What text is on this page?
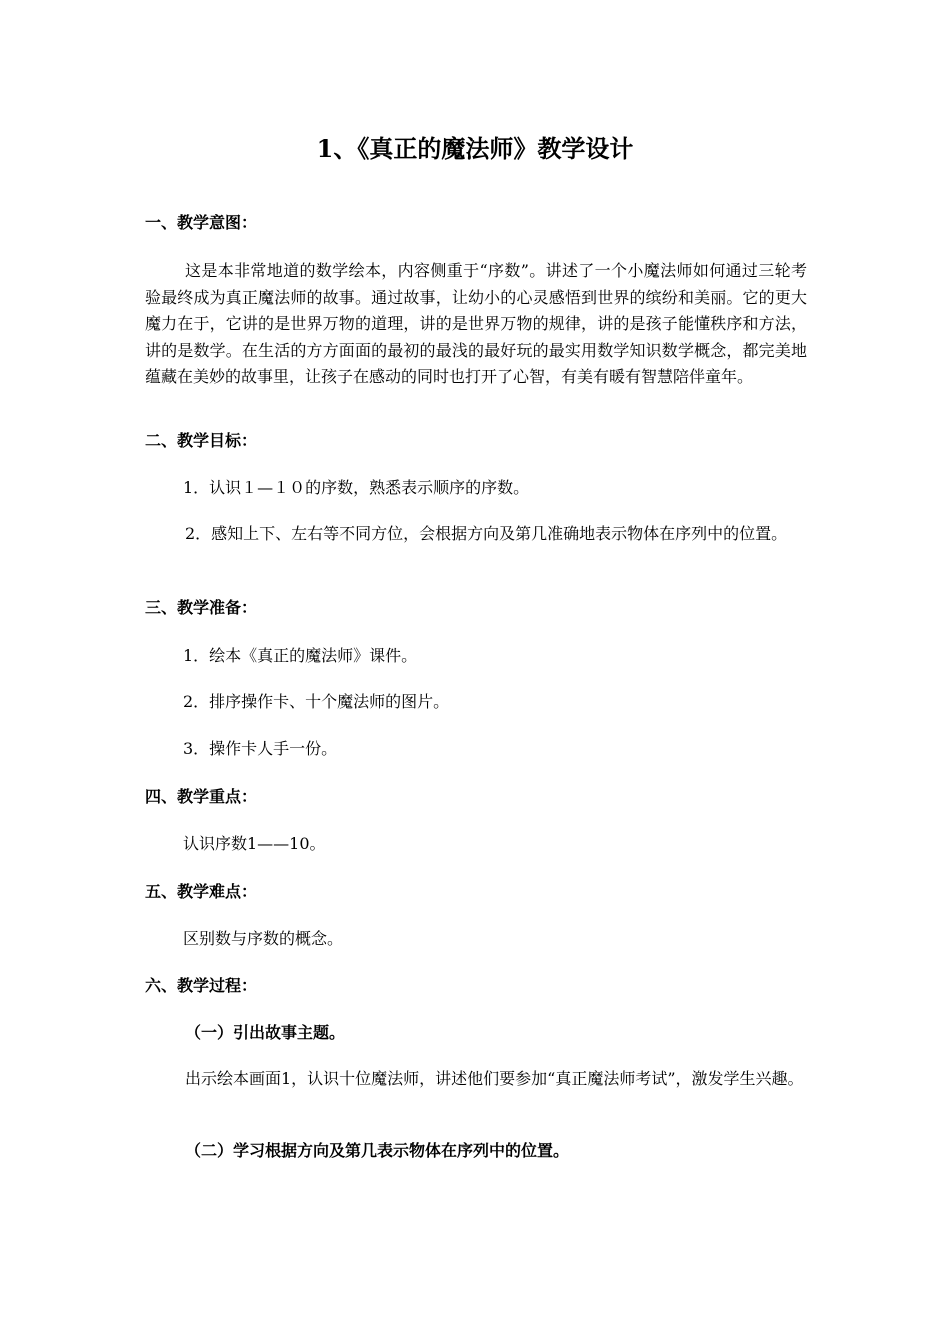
1、《真正的魔法师》教学设计
一、教学意图：
这是本非常地道的数学绘本，内容侧重于“序数”。讲述了一个小魔法师如何通过三轮考验最终成为真正魔法师的故事。通过故事，让幼小的心灵感悟到世界的缤纷和美丽。它的更大魔力在于，它讲的是世界万物的道理，讲的是世界万物的规律，讲的是孩子能懂秩序和方法，讲的是数学。在生活的方方面面的最初的最浅的最好玩的最实用数学知识数学概念，都完美地蕴藏在美妙的故事里，让孩子在感动的同时也打开了心智，有美有暖有智慧陪伴童年。
二、教学目标：
1．认识１—１０的序数，熟悉表示顺序的序数。
2．感知上下、左右等不同方位，会根据方向及第几准确地表示物体在序列中的位置。
三、教学准备：
1．绘本《真正的魔法师》课件。
2．排序操作卡、十个魔法师的图片。
3．操作卡人手一份。
四、教学重点：
认识序数1——10。
五、教学难点：
区别数与序数的概念。
六、教学过程：
（一）引出故事主题。
出示绘本画面1，认识十位魔法师，讲述他们要参加“真正魔法师考试”，激发学生兴趣。
（二）学习根据方向及第几表示物体在序列中的位置。
